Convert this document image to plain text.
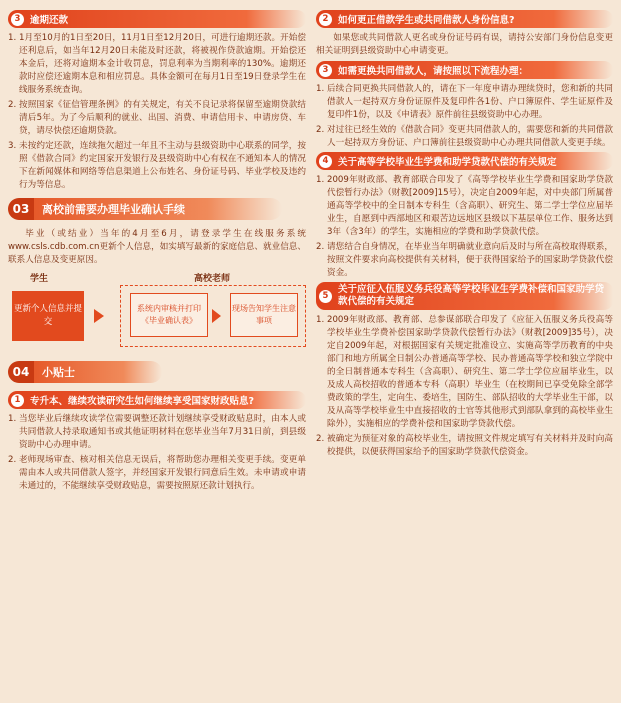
3	逾期还款
1. 1月至10月的1日至20日，11月1日至12月20日，可进行逾期还款。开始偿还利息后，如当年12月20日未能及时还款，将被视作贷款逾期。开始偿还本金后，还将对逾期本金计收罚息，罚息利率为当期利率的130%。逾期还款时应偿还逾期本息和相应罚息。具体金额可在每月1日至19日登录学生在线服务系统查询。
2. 按照国家《征信管理条例》的有关规定，有关不良记录将保留至逾期贷款结清后5年。为了今后顺利的就业、出国、消费、申请信用卡、申请房贷、车贷，请尽快偿还逾期贷款。
3. 未按约定还款，连续拖欠超过一年且不主动与县级资助中心联系的同学，按照《借款合同》约定国家开发银行及县级资助中心有权在不通知本人的情况下在新闻媒体和网络等信息渠道上公布姓名、身份证号码、毕业学校及违约行为等信息。
03	离校前需要办理毕业确认手续

毕业（或结业）当年的4月至6月，请登录学生在线服务系统www.csls.cdb.com.cn更新个人信息，如实填写最新的家庭信息、就业信息、联系人信息及变更原因。

学生	高校老师
更新个人信息并提交
系统内审核并打印《毕业确认表》
现场告知学生注意事项
04	小贴士
1	专升本、继续攻读研究生如何继续享受国家财政贴息?
1. 当您毕业后继续攻读学位需要调整还款计划继续享受财政贴息时，由本人或共同借款人持录取通知书或其他证明材料在您毕业当年7月31日前，到县级资助中心办理申请。
2. 老师现场审查、核对相关信息无误后，将帮助您办理相关变更手续。变更单需由本人或共同借款人签字，并经国家开发银行同意后生效。未申请或申请未通过的，不能继续享受财政贴息，需要按照原还款计划执行。
2	如何更正借款学生或共同借款人身份信息?

如果您或共同借款人更名或身份证号码有误，请持公安部门身份信息变更相关证明到县级资助中心申请变更。

3	如需更换共同借款人，请按照以下流程办理：
1. 后续合同更换共同借款人的，请在下一年度申请办理续贷时，您和新的共同借款人一起持双方身份证原件及复印件各1份、户口簿原件、学生证原件及复印件1份，以及《申请表》原件前往县级资助中心办理。
2. 对过往已经生效的《借款合同》变更共同借款人的，需要您和新的共同借款人一起持双方身份证、户口簿前往县级资助中心办理共同借款人变更手续。
4	关于高等学校毕业生学费和助学贷款代偿的有关规定
1. 2009年财政部、教育部联合印发了《高等学校毕业生学费和国家助学贷款代偿暂行办法》（财教[2009]15号），决定自2009年起，对中央部门所属普通高等学校中的全日制本专科生（含高职）、研究生、第二学士学位应届毕业生，自愿到中西部地区和艰苦边远地区县级以下基层单位工作、服务达到3年（含3年）的学生，实施相应的学费和助学贷款代偿。
2. 请您结合自身情况，在毕业当年明确就业意向后及时与所在高校取得联系，按照文件要求向高校提供有关材料，便于获得国家给予的国家助学贷款代偿资金。
5
关于应征入伍服义务兵役高等学校毕业生学费补偿和国家助学贷款代偿的有关规定
1. 2009年财政部、教育部、总参谋部联合印发了《应征入伍服义务兵役高等学校毕业生学费补偿国家助学贷款代偿暂行办法》（财教[2009]35号），决定自2009年起，对根据国家有关规定批准设立、实施高等学历教育的中央部门和地方所属全日制公办普通高等学校、民办普通高等学校和独立学院中的全日制普通本专科生（含高职）、研究生、第二学士学位应届毕业生，以及成人高校招收的普通本专科（高职）毕业生（在校期间已享受免除全部学费政策的学生，定向生、委培生，国防生、部队招收的大学毕业生干部，以及从高等学校毕业生中直接招收的士官等其他形式到部队拿到的高校毕业生除外），实施相应的学费补偿和国家助学贷款代偿。
2. 被确定为预征对象的高校毕业生，请按照文件规定填写有关材料并及时向高校提供，以便获得国家给予的国家助学贷款代偿资金。
